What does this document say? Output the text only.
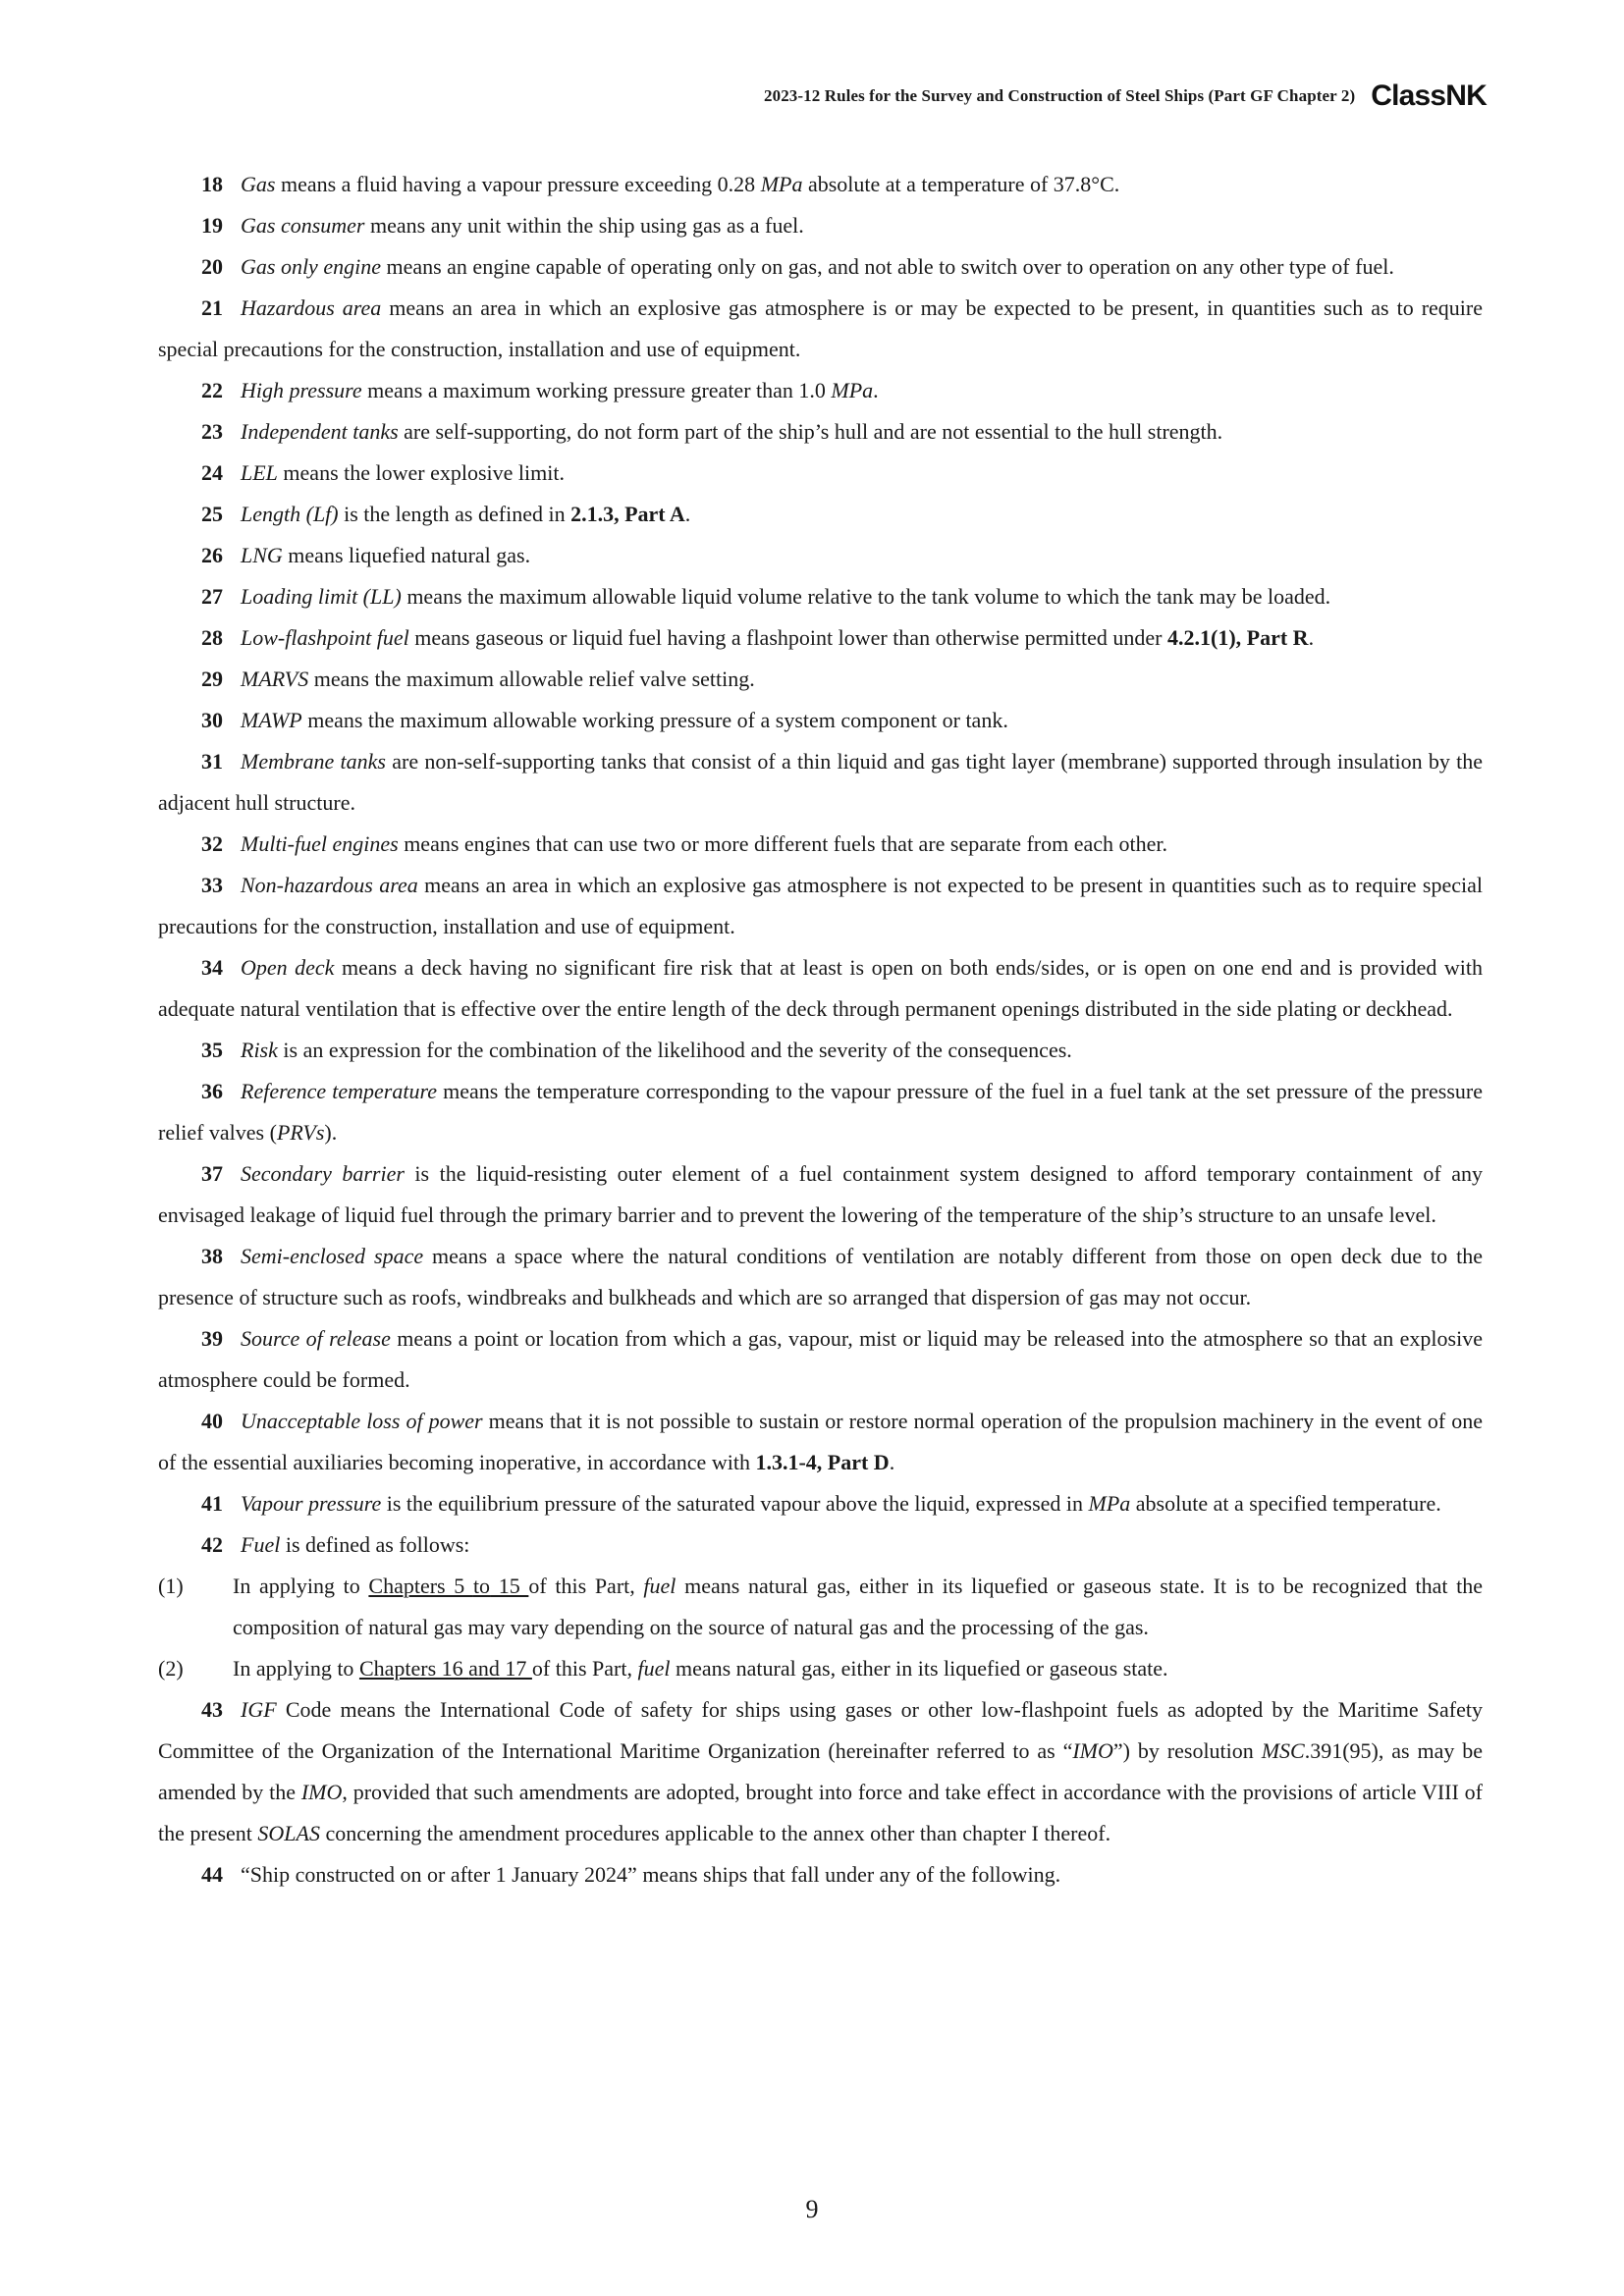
2023-12 Rules for the Survey and Construction of Steel Ships (Part GF Chapter 2) ClassNK

18 Gas means a fluid having a vapour pressure exceeding 0.28 MPa absolute at a temperature of 37.8°C.

19 Gas consumer means any unit within the ship using gas as a fuel.

20 Gas only engine means an engine capable of operating only on gas, and not able to switch over to operation on any other type of fuel.

21 Hazardous area means an area in which an explosive gas atmosphere is or may be expected to be present, in quantities such as to require special precautions for the construction, installation and use of equipment.

22 High pressure means a maximum working pressure greater than 1.0 MPa.

23 Independent tanks are self-supporting, do not form part of the ship’s hull and are not essential to the hull strength.

24 LEL means the lower explosive limit.

25 Length (Lf) is the length as defined in 2.1.3, Part A.

26 LNG means liquefied natural gas.

27 Loading limit (LL) means the maximum allowable liquid volume relative to the tank volume to which the tank may be loaded.

28 Low-flashpoint fuel means gaseous or liquid fuel having a flashpoint lower than otherwise permitted under 4.2.1(1), Part R.

29 MARVS means the maximum allowable relief valve setting.

30 MAWP means the maximum allowable working pressure of a system component or tank.

31 Membrane tanks are non-self-supporting tanks that consist of a thin liquid and gas tight layer (membrane) supported through insulation by the adjacent hull structure.

32 Multi-fuel engines means engines that can use two or more different fuels that are separate from each other.

33 Non-hazardous area means an area in which an explosive gas atmosphere is not expected to be present in quantities such as to require special precautions for the construction, installation and use of equipment.

34 Open deck means a deck having no significant fire risk that at least is open on both ends/sides, or is open on one end and is provided with adequate natural ventilation that is effective over the entire length of the deck through permanent openings distributed in the side plating or deckhead.

35 Risk is an expression for the combination of the likelihood and the severity of the consequences.

36 Reference temperature means the temperature corresponding to the vapour pressure of the fuel in a fuel tank at the set pressure of the pressure relief valves (PRVs).

37 Secondary barrier is the liquid-resisting outer element of a fuel containment system designed to afford temporary containment of any envisaged leakage of liquid fuel through the primary barrier and to prevent the lowering of the temperature of the ship’s structure to an unsafe level.

38 Semi-enclosed space means a space where the natural conditions of ventilation are notably different from those on open deck due to the presence of structure such as roofs, windbreaks and bulkheads and which are so arranged that dispersion of gas may not occur.

39 Source of release means a point or location from which a gas, vapour, mist or liquid may be released into the atmosphere so that an explosive atmosphere could be formed.

40 Unacceptable loss of power means that it is not possible to sustain or restore normal operation of the propulsion machinery in the event of one of the essential auxiliaries becoming inoperative, in accordance with 1.3.1-4, Part D.

41 Vapour pressure is the equilibrium pressure of the saturated vapour above the liquid, expressed in MPa absolute at a specified temperature.

42 Fuel is defined as follows:

(1) In applying to Chapters 5 to 15 of this Part, fuel means natural gas, either in its liquefied or gaseous state. It is to be recognized that the composition of natural gas may vary depending on the source of natural gas and the processing of the gas.

(2) In applying to Chapters 16 and 17 of this Part, fuel means natural gas, either in its liquefied or gaseous state.

43 IGF Code means the International Code of safety for ships using gases or other low-flashpoint fuels as adopted by the Maritime Safety Committee of the Organization of the International Maritime Organization (hereinafter referred to as “IMO”) by resolution MSC.391(95), as may be amended by the IMO, provided that such amendments are adopted, brought into force and take effect in accordance with the provisions of article VIII of the present SOLAS concerning the amendment procedures applicable to the annex other than chapter I thereof.

44 “Ship constructed on or after 1 January 2024” means ships that fall under any of the following.

9
